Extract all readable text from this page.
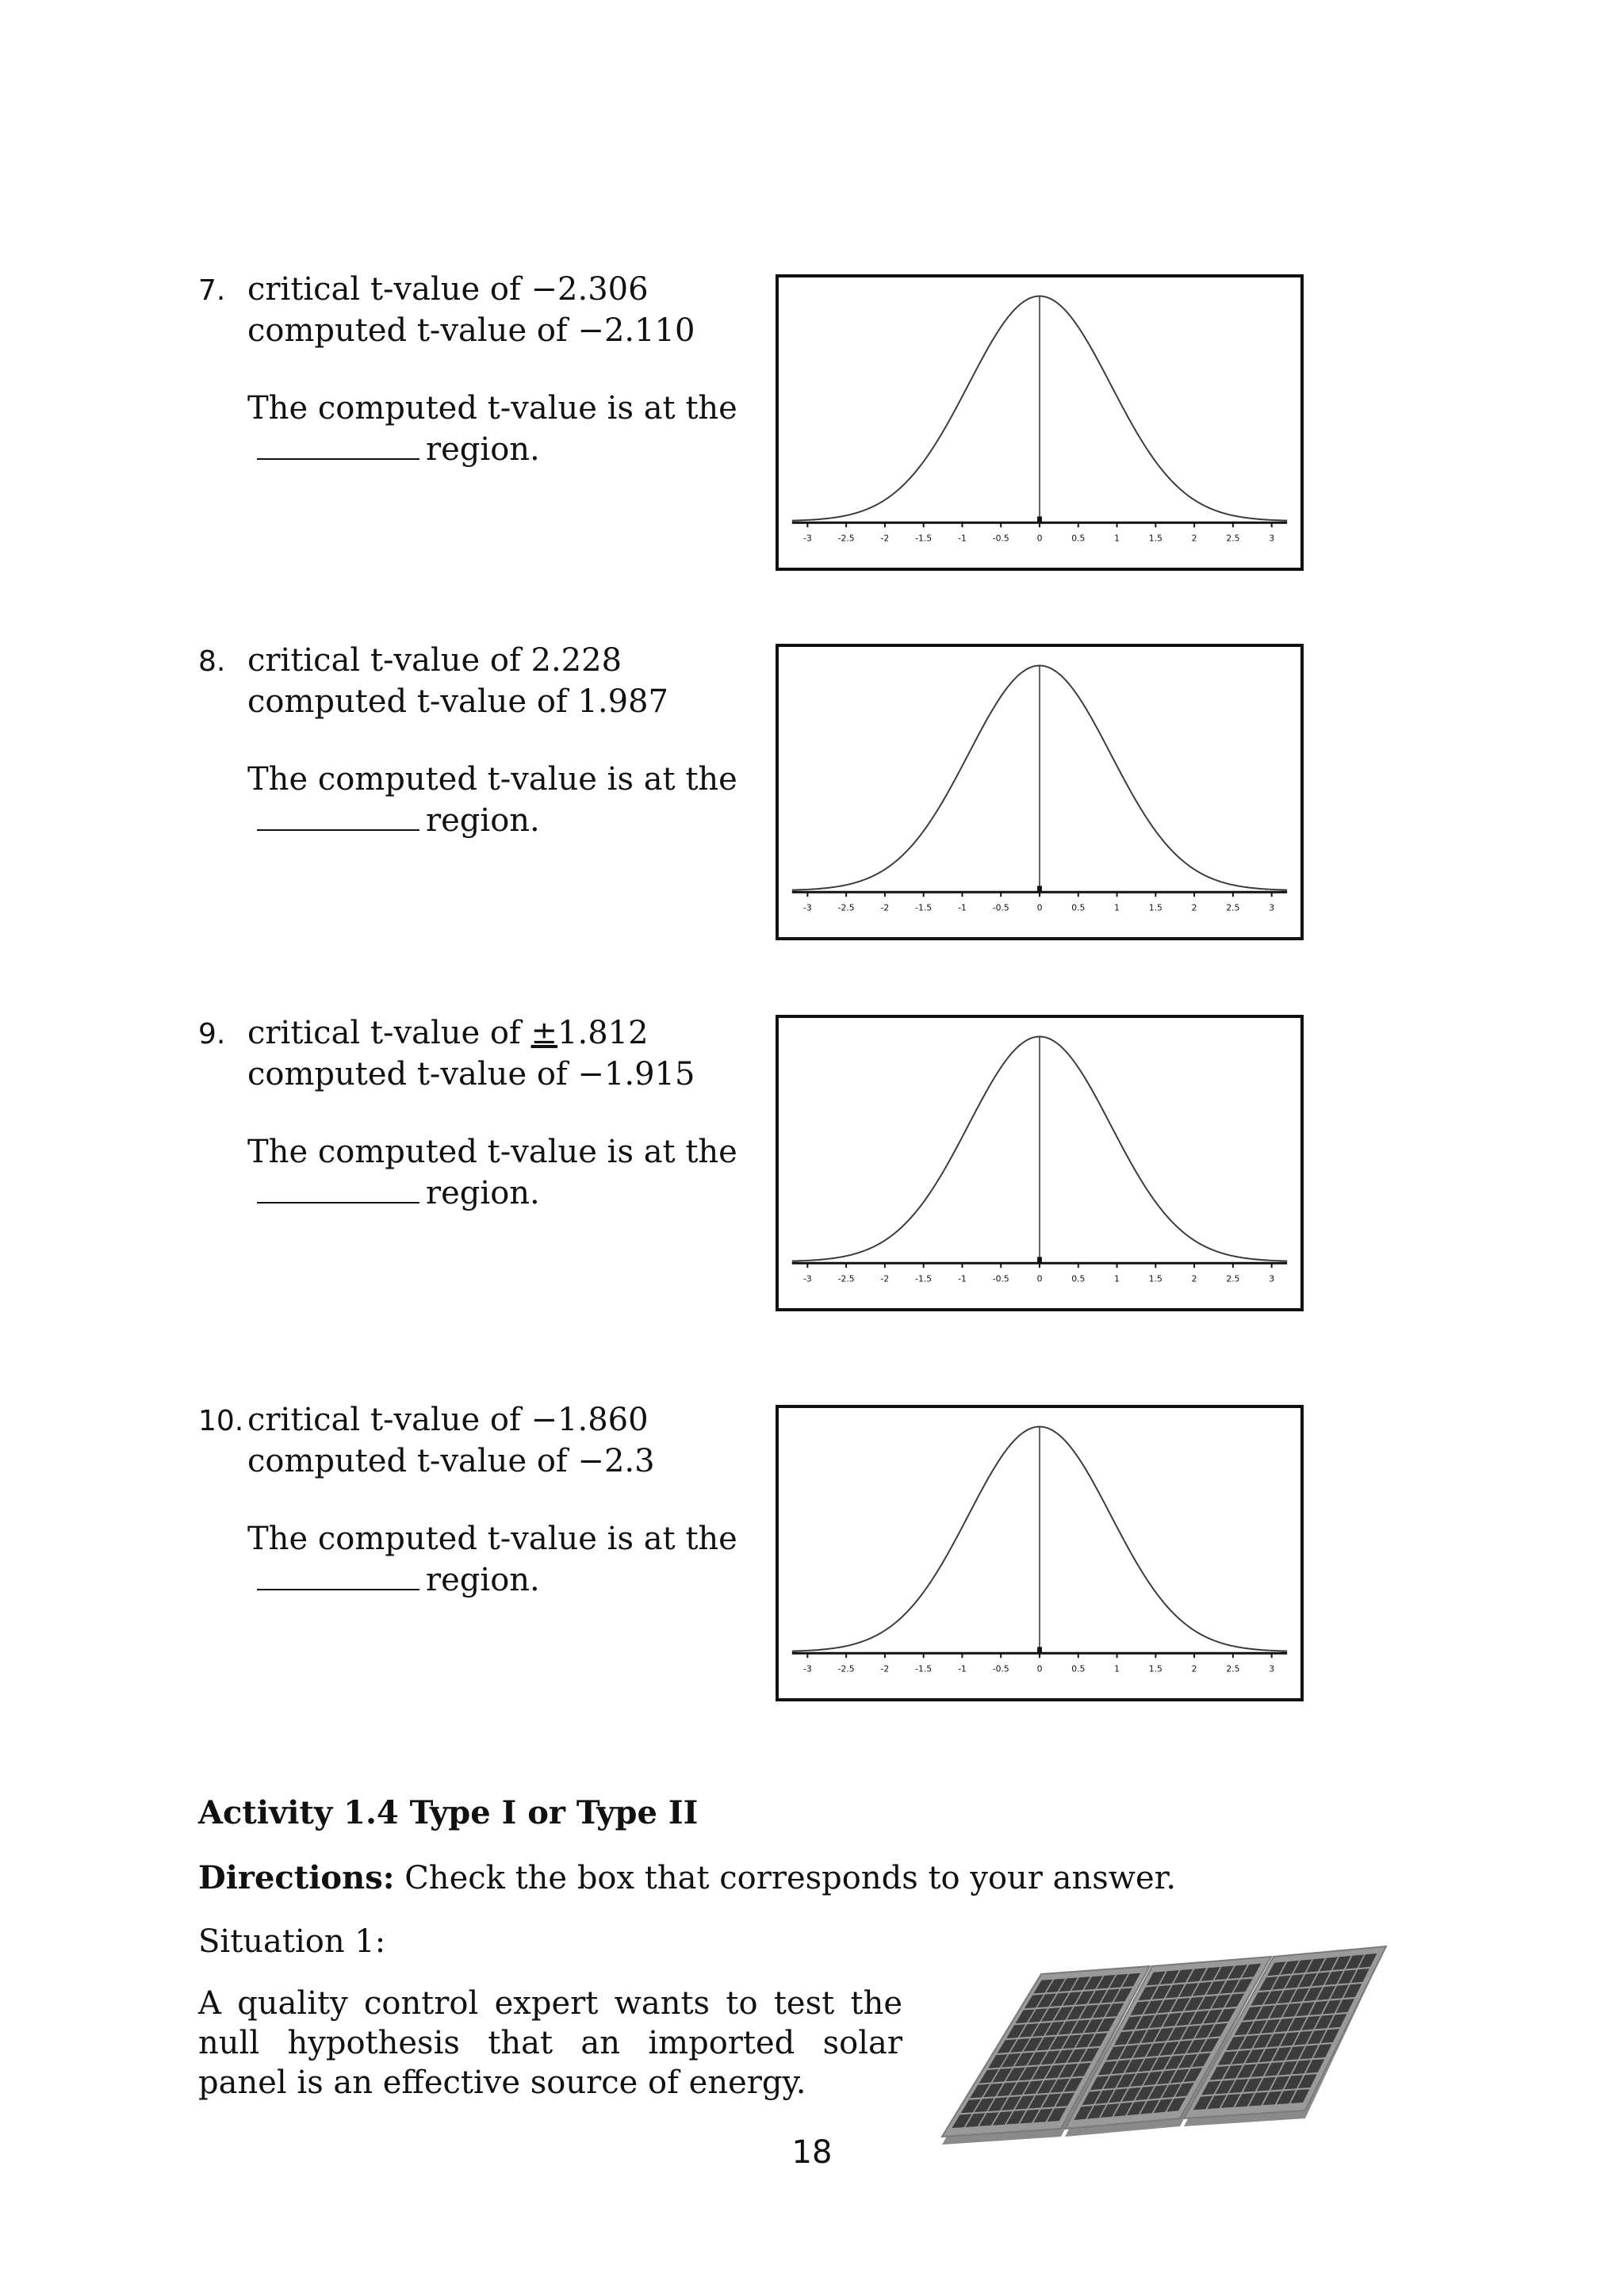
7. critical t-value of −2.306
computed t-value of −2.110
The computed t-value is at the
region.
-3	-2.5	-2	-1.5	-1	-0.5	0	0.5	1	1.5	2	2.5	3
8. critical t-value of 2.228
computed t-value of 1.987
The computed t-value is at the
region.
-3	-2.5	-2	-1.5	-1	-0.5	0	0.5	1	1.5	2	2.5	3
9. critical t-value of ±1.812
computed t-value of −1.915
The computed t-value is at the
region.
-3	-2.5	-2	-1.5	-1	-0.5	0	0.5	1	1.5	2	2.5	3
10. critical t-value of −1.860
computed t-value of −2.3
The computed t-value is at the
region.
-3	-2.5	-2	-1.5	-1	-0.5	0	0.5	1	1.5	2	2.5	3
Activity 1.4 Type I or Type II
Directions: Check the box that corresponds to your answer.
Situation 1:
A quality control expert wants to test the null hypothesis that an imported solar panel is an effective source of energy.
18
